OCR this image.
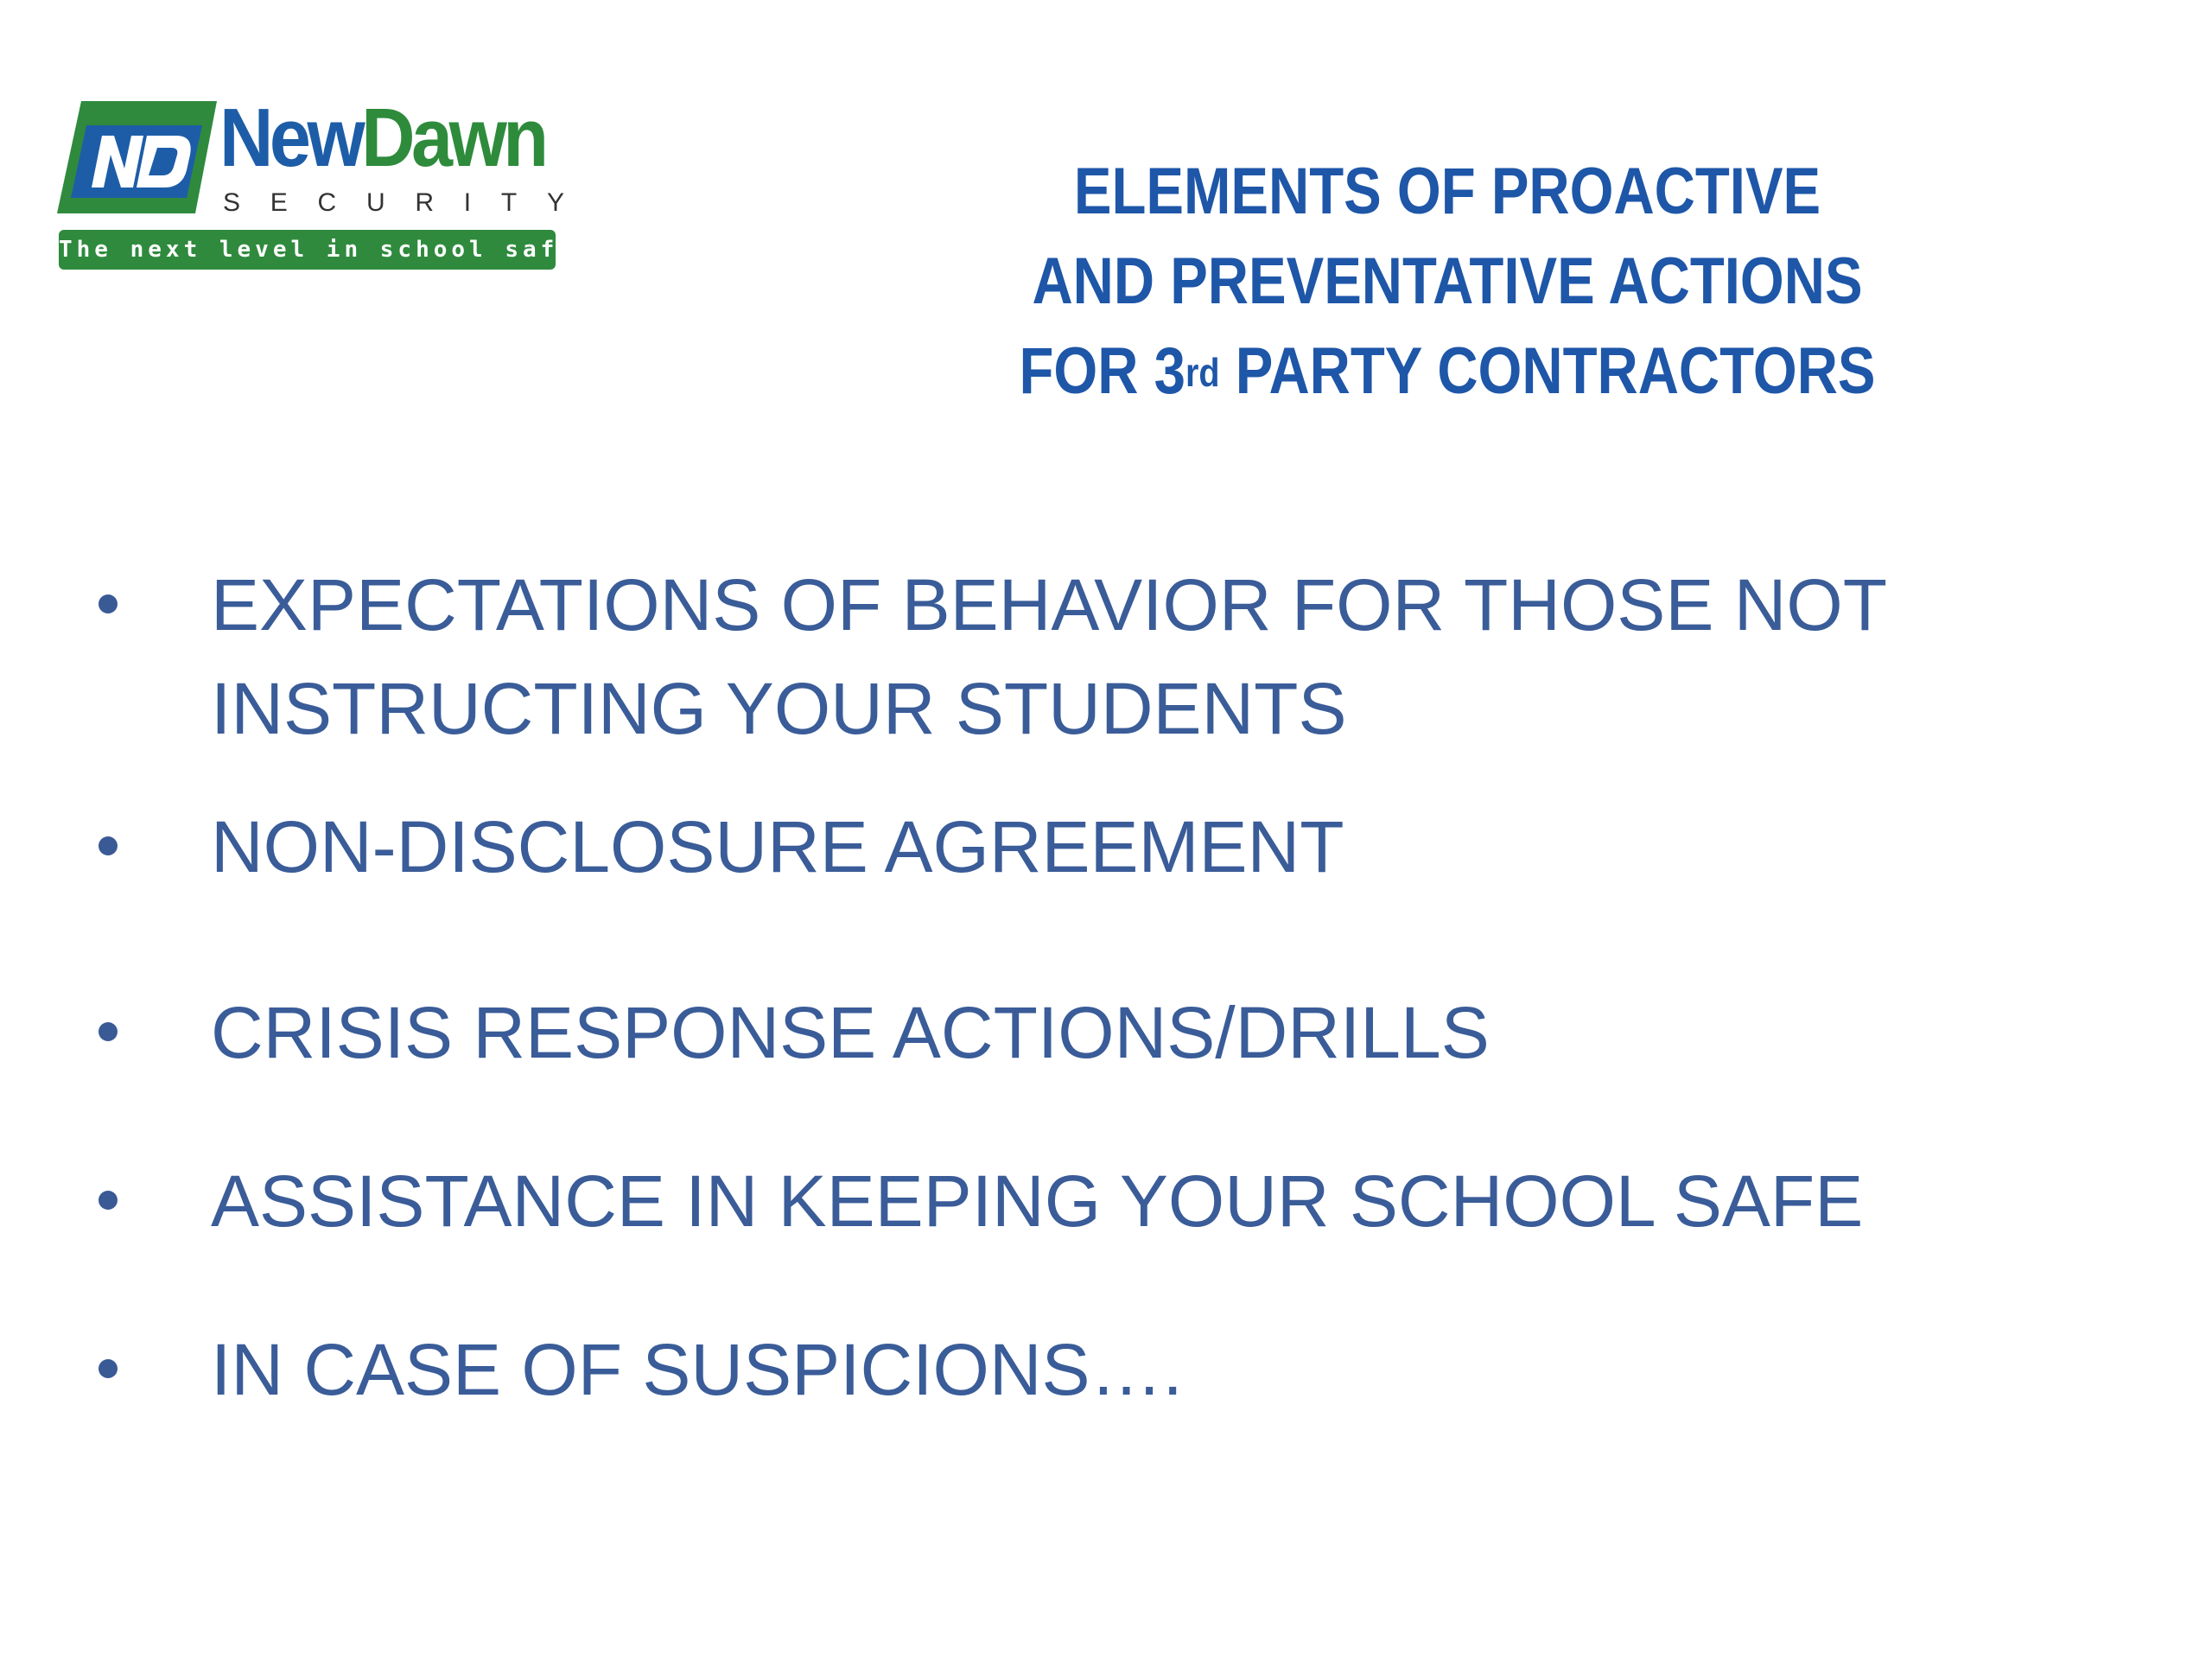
NewDawn
S E C U R I T Y
The next level in school safety
ELEMENTS OF PROACTIVE
AND PREVENTATIVE ACTIONS
FOR 3rd PARTY CONTRACTORS
EXPECTATIONS OF BEHAVIOR FOR THOSE NOT
INSTRUCTING YOUR STUDENTS
NON-DISCLOSURE AGREEMENT
CRISIS RESPONSE ACTIONS/DRILLS
ASSISTANCE IN KEEPING YOUR SCHOOL SAFE
IN CASE OF SUSPICIONS….
